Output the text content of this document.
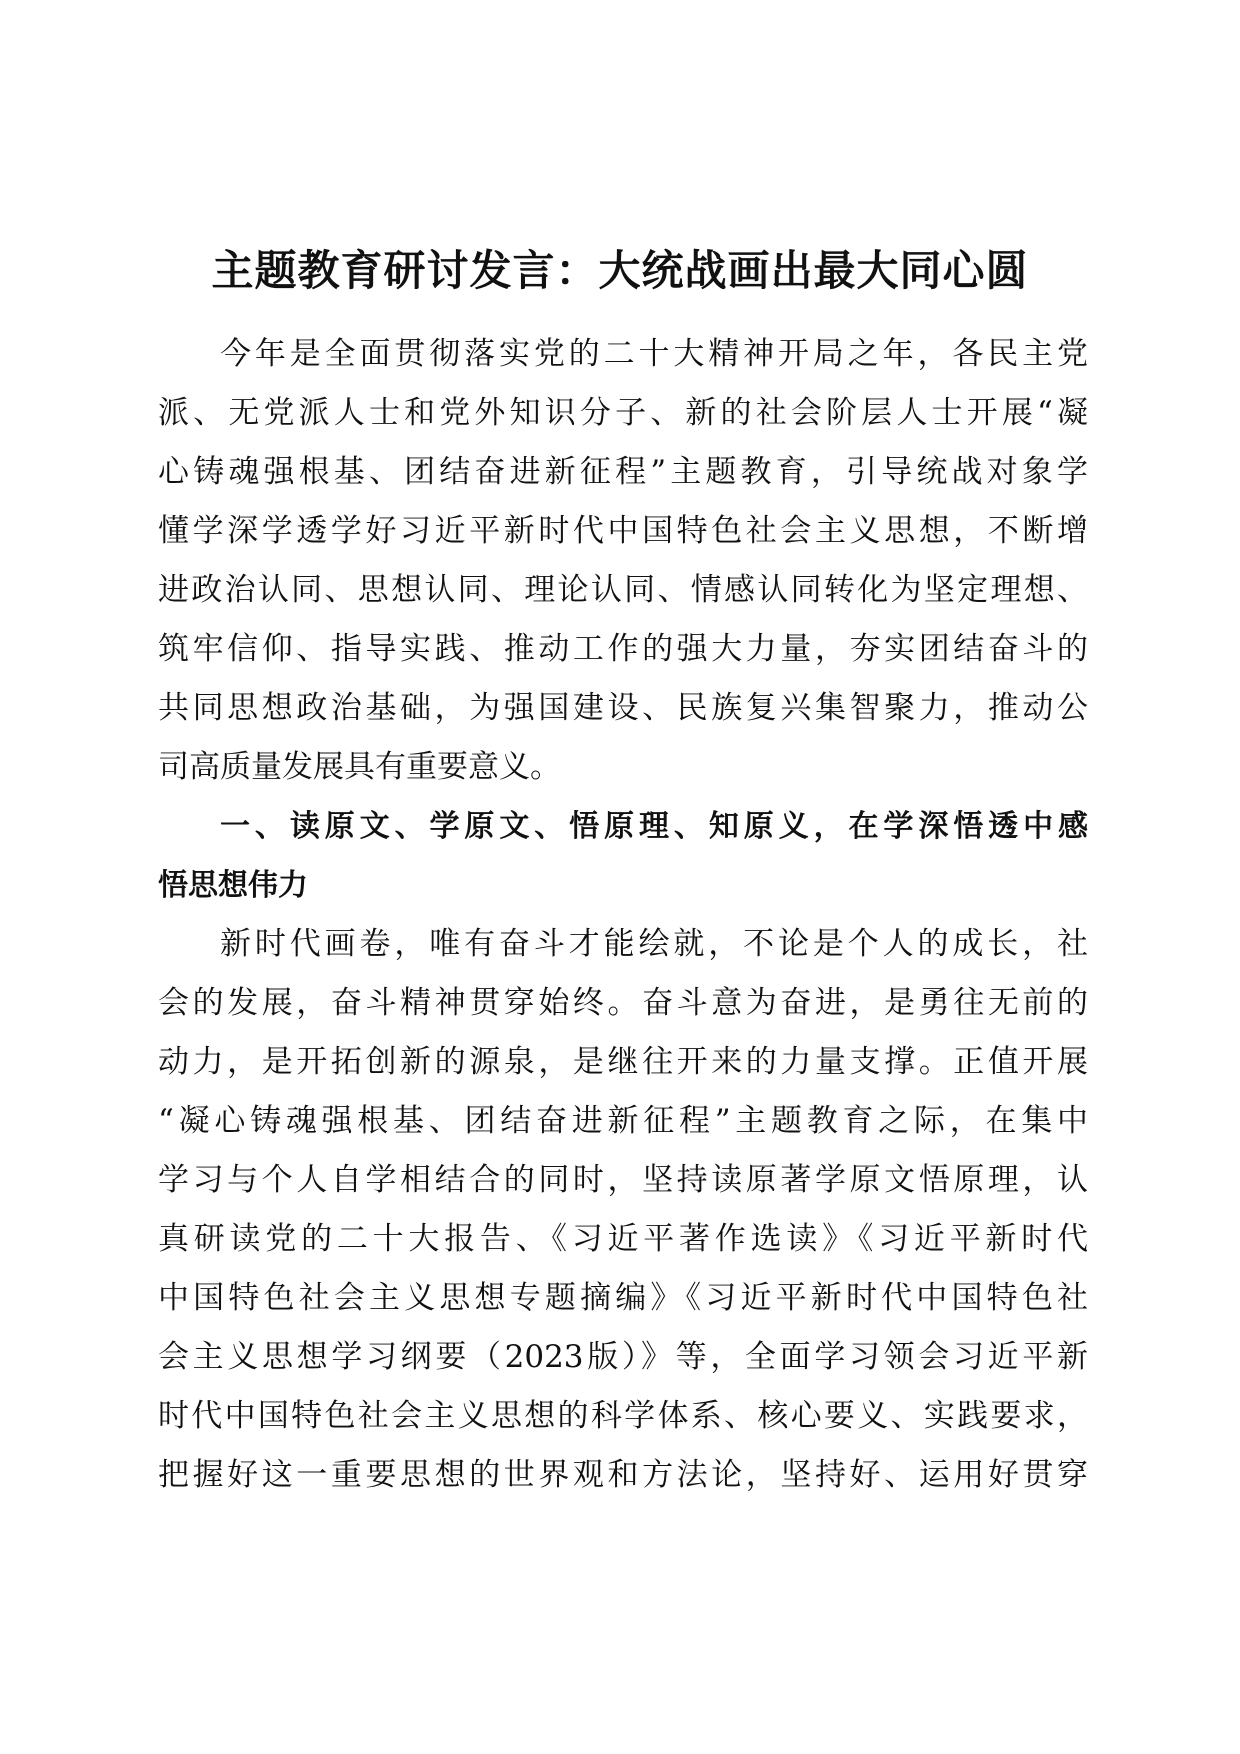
主题教育研讨发言：大统战画出最大同心圆
今年是全面贯彻落实党的二十大精神开局之年，各民主党
派、无党派人士和党外知识分子、新的社会阶层人士开展“凝
心铸魂强根基、团结奋进新征程”主题教育，引导统战对象学
懂学深学透学好习近平新时代中国特色社会主义思想，不断增
进政治认同、思想认同、理论认同、情感认同转化为坚定理想、
筑牢信仰、指导实践、推动工作的强大力量，夯实团结奋斗的
共同思想政治基础，为强国建设、民族复兴集智聚力，推动公
司高质量发展具有重要意义。
一、读原文、学原文、悟原理、知原义，在学深悟透中感
悟思想伟力
新时代画卷，唯有奋斗才能绘就，不论是个人的成长，社
会的发展，奋斗精神贯穿始终。奋斗意为奋进，是勇往无前的
动力，是开拓创新的源泉，是继往开来的力量支撑。正值开展
“凝心铸魂强根基、团结奋进新征程”主题教育之际，在集中
学习与个人自学相结合的同时，坚持读原著学原文悟原理，认
真研读党的二十大报告、《习近平著作选读》《习近平新时代
中国特色社会主义思想专题摘编》《习近平新时代中国特色社
会主义思想学习纲要（2023版）》等，全面学习领会习近平新
时代中国特色社会主义思想的科学体系、核心要义、实践要求，
把握好这一重要思想的世界观和方法论，坚持好、运用好贯穿
